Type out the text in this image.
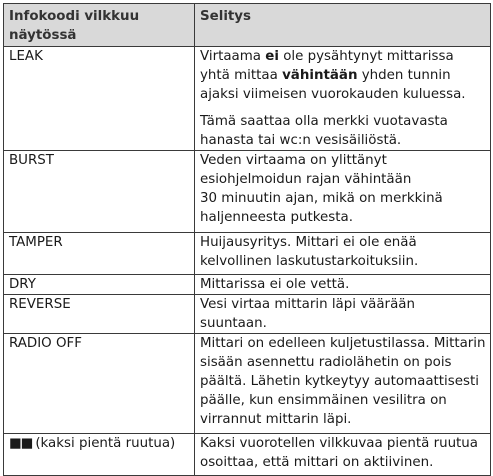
Infokoodi vilkkuu
näytössä	Selitys
LEAK	Virtaama ei ole pysähtynyt mittarissa yhtä mittaa vähintään yhden tunnin ajaksi viimeisen vuorokauden kuluessa.

Tämä saattaa olla merkki vuotavasta hanasta tai wc:n vesisäiliöstä.

BURST	Veden virtaama on ylittänyt esiohjelmoidun rajan vähintään

30 minuutin ajan, mikä on merkkinä haljenneesta putkesta.

TAMPER	Huijausyritys. Mittari ei ole enää kelvollinen laskutustarkoituksiin.
DRY	Mittarissa ei ole vettä.
REVERSE	Vesi virtaa mittarin läpi väärään suuntaan.
RADIO OFF	Mittari on edelleen kuljetustilassa. Mittarin sisään asennettu radiolähetin on pois päältä. Lähetin kytkeytyy automaattisesti päälle, kun ensimmäinen vesilitra on virrannut mittarin läpi.
■■ (kaksi pientä ruutua)	Kaksi vuorotellen vilkkuvaa pientä ruutua osoittaa, että mittari on aktiivinen.
